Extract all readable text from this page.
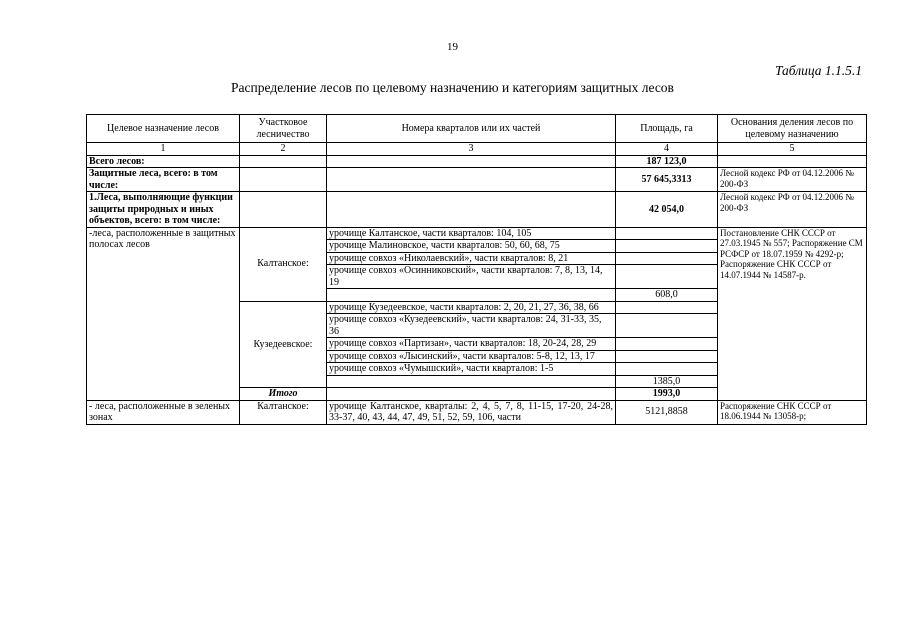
19
Таблица 1.1.5.1
Распределение лесов по целевому назначению и категориям защитных лесов
Целевое назначение лесов	Участковое лесничество	Номера кварталов или их частей	Площадь, га	Основания деления лесов по целевому назначению
1	2	3	4	5
Всего лесов:			187 123,0	
Защитные леса, всего: в том числе:			57 645,3313	Лесной кодекс РФ от 04.12.2006 № 200-ФЗ
1.Леса, выполняющие функции защиты природных и иных объектов, всего: в том числе:			42 054,0	Лесной кодекс РФ от 04.12.2006 № 200-ФЗ
-леса, расположенные в защитных полосах лесов	Калтанское:	урочище Калтанское, части кварталов: 104, 105		Постановление СНК СССР от 27.03.1945 № 557; Распоряжение СМ РСФСР от 18.07.1959 № 4292-р; Распоряжение СНК СССР от 14.07.1944 № 14587-р.
		урочище Малиновское, части кварталов: 50, 60, 68, 75		
		урочище совхоз «Николаевский», части кварталов: 8, 21		
		урочище совхоз «Осинниковский», части кварталов: 7, 8, 13, 14, 19		
			608,0	
	Кузедеевское:	урочище Кузедеевское, части кварталов: 2, 20, 21, 27, 36, 38, 66		
		урочище совхоз «Кузедеевский», части кварталов: 24, 31-33, 35, 36		
		урочище совхоз «Партизан», части кварталов: 18, 20-24, 28, 29		
		урочище совхоз «Лысинский», части кварталов: 5-8, 12, 13, 17		
		урочище совхоз «Чумышский», части кварталов: 1-5		
			1385,0	
	Итого		1993,0	
- леса, расположенные в зеленых зонах	Калтанское:	урочище Калтанское, кварталы: 2, 4, 5, 7, 8, 11-15, 17-20, 24-28, 33-37, 40, 43, 44, 47, 49, 51, 52, 59, 106, части	5121,8858	Распоряжение СНК СССР от 18.06.1944 № 13058-р;
